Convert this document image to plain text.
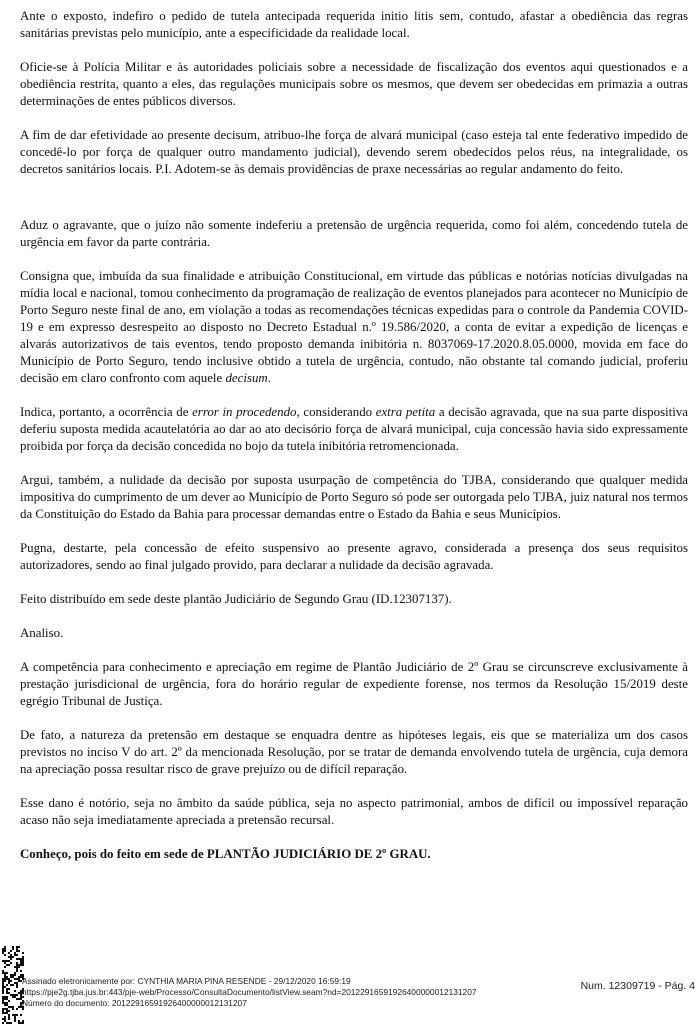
Ante o exposto, indefiro o pedido de tutela antecipada requerida initio litis sem, contudo, afastar a obediência das regras sanitárias previstas pelo município, ante a especificidade da realidade local.

Oficie-se à Polícia Militar e às autoridades policiais sobre a necessidade de fiscalização dos eventos aqui questionados e a obediência restrita, quanto a eles, das regulações municipais sobre os mesmos, que devem ser obedecidas em primazia a outras determinações de entes públicos diversos.

A fim de dar efetividade ao presente decisum, atribuo-lhe força de alvará municipal (caso esteja tal ente federativo impedido de concedê-lo por força de qualquer outro mandamento judicial), devendo serem obedecidos pelos réus, na integralidade, os decretos sanitários locais. P.I. Adotem-se às demais providências de praxe necessárias ao regular andamento do feito.

Aduz o agravante, que o juízo não somente indeferiu a pretensão de urgência requerida, como foi além, concedendo tutela de urgência em favor da parte contrária.

Consigna que, imbuída da sua finalidade e atribuição Constitucional, em virtude das públicas e notórias notícias divulgadas na mídia local e nacional, tomou conhecimento da programação de realização de eventos planejados para acontecer no Município de Porto Seguro neste final de ano, em violação a todas as recomendações técnicas expedidas para o controle da Pandemia COVID-19 e em expresso desrespeito ao disposto no Decreto Estadual n.º 19.586/2020, a conta de evitar a expedição de licenças e alvarás autorizativos de tais eventos, tendo proposto demanda inibitória n. 8037069-17.2020.8.05.0000, movida em face do Município de Porto Seguro, tendo inclusive obtido a tutela de urgência, contudo, não obstante tal comando judicial, proferiu decisão em claro confronto com aquele decisum.

Indica, portanto, a ocorrência de error in procedendo, considerando extra petita a decisão agravada, que na sua parte dispositiva deferiu suposta medida acautelatória ao dar ao ato decisório força de alvará municipal, cuja concessão havia sido expressamente proibida por força da decisão concedida no bojo da tutela inibitória retromencionada.

Argui, também, a nulidade da decisão por suposta usurpação de competência do TJBA, considerando que qualquer medida impositiva do cumprimento de um dever ao Município de Porto Seguro só pode ser outorgada pelo TJBA, juiz natural nos termos da Constituição do Estado da Bahia para processar demandas entre o Estado da Bahia e seus Municípios.

Pugna, destarte, pela concessão de efeito suspensivo ao presente agravo, considerada a presença dos seus requisitos autorizadores, sendo ao final julgado provido, para declarar a nulidade da decisão agravada.

Feito distribuído em sede deste plantão Judiciário de Segundo Grau (ID.12307137).

Analiso.

A competência para conhecimento e apreciação em regime de Plantão Judiciário de 2º Grau se circunscreve exclusivamente à prestação jurisdicional de urgência, fora do horário regular de expediente forense, nos termos da Resolução 15/2019 deste egrégio Tribunal de Justiça.

De fato, a natureza da pretensão em destaque se enquadra dentre as hipóteses legais, eis que se materializa um dos casos previstos no inciso V do art. 2º da mencionada Resolução, por se tratar de demanda envolvendo tutela de urgência, cuja demora na apreciação possa resultar risco de grave prejuízo ou de difícil reparação.

Esse dano é notório, seja no âmbito da saúde pública, seja no aspecto patrimonial, ambos de difícil ou impossível reparação acaso não seja imediatamente apreciada a pretensão recursal.

Conheço, pois do feito em sede de PLANTÃO JUDICIÁRIO DE 2º GRAU.

Assinado eletronicamente por: CYNTHIA MARIA PINA RESENDE - 29/12/2020 16:59:19
https://pje2g.tjba.jus.br:443/pje-web/Processo/ConsultaDocumento/listView.seam?nd=20122916591926400000012131207
Número do documento: 20122916591926400000012131207
Num. 12309719 - Pág. 4
